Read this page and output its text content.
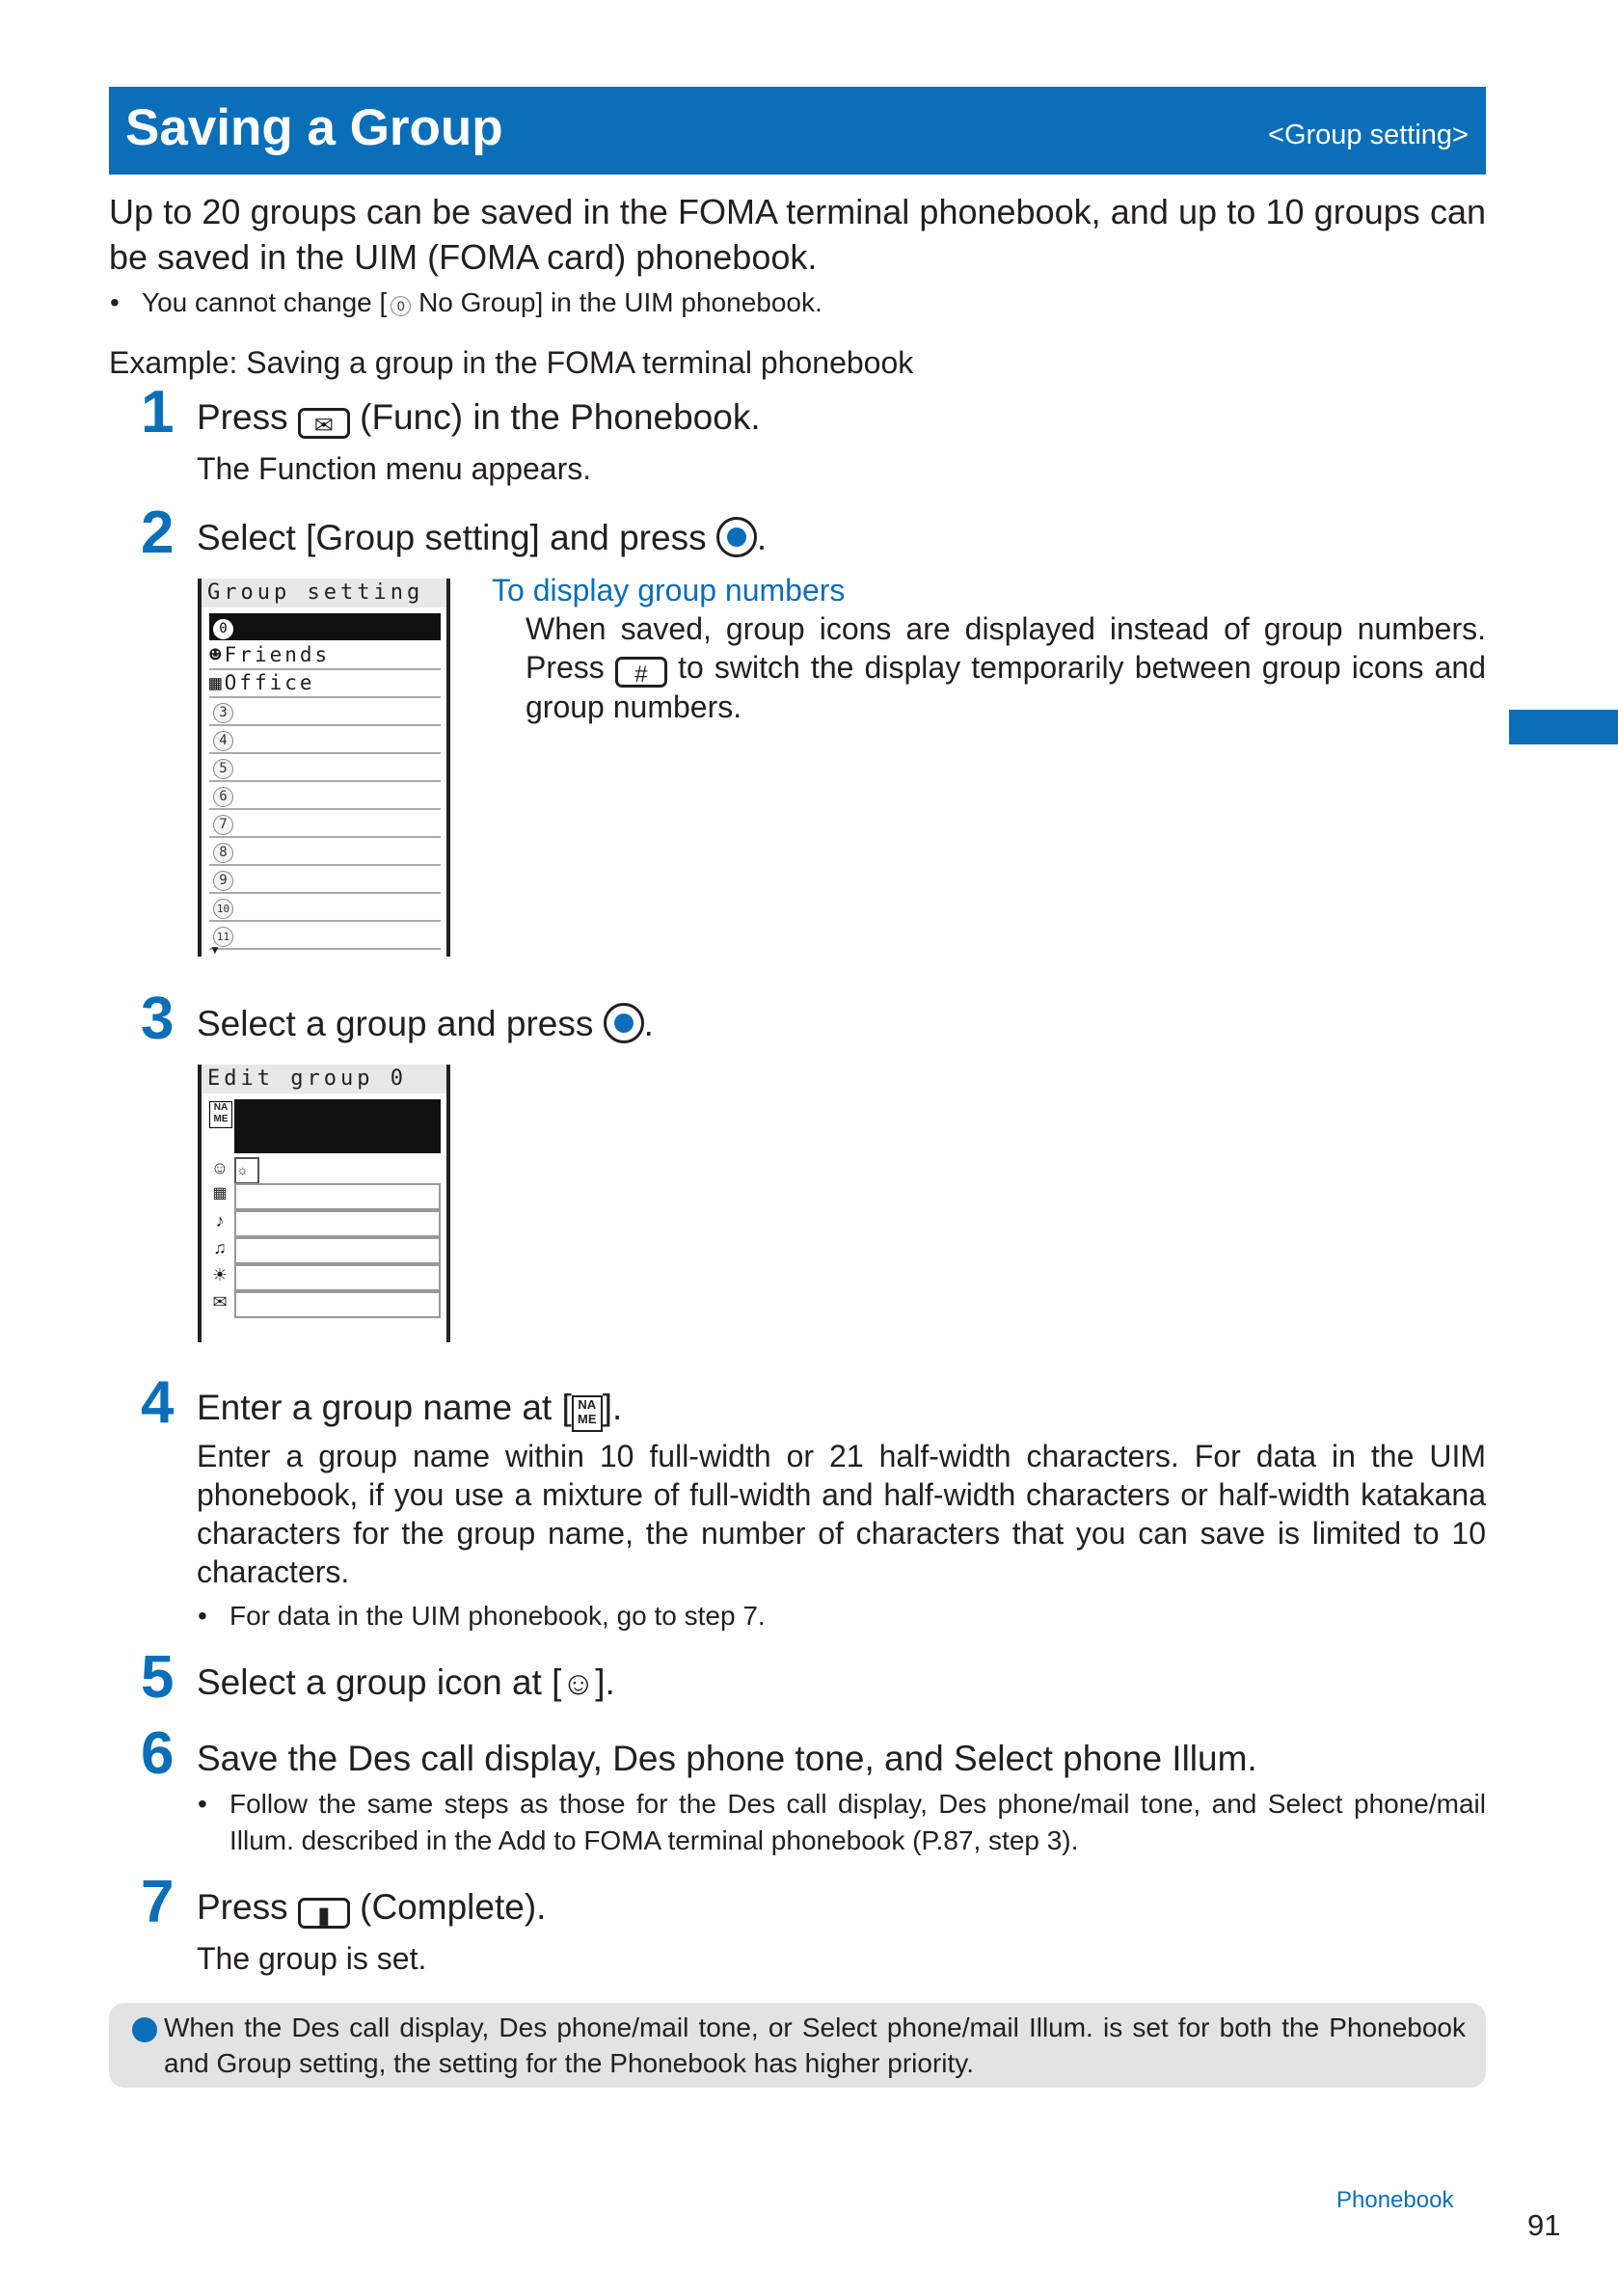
Saving a Group	<Group setting>
Up to 20 groups can be saved in the FOMA terminal phonebook, and up to 10 groups can be saved in the UIM (FOMA card) phonebook.
• You cannot change [ 0 No Group] in the UIM phonebook.
Example: Saving a group in the FOMA terminal phonebook
1 Press ✉ (Func) in the Phonebook.
The Function menu appears.
2 Select [Group setting] and press .
Group setting
0
☻Friends
▦Office
3
4
5
6
7
8
9
10
11
▼
To display group numbers
When saved, group icons are displayed instead of group numbers. Press # to switch the display temporarily between group icons and group numbers.
3 Select a group and press .
Edit group 0
NA ME
☺ ☼
▦
♪
♫
☀
✉
4 Enter a group name at [ NA ME ].
Enter a group name within 10 full-width or 21 half-width characters. For data in the UIM phonebook, if you use a mixture of full-width and half-width characters or half-width katakana characters for the group name, the number of characters that you can save is limited to 10 characters.
• For data in the UIM phonebook, go to step 7.
5 Select a group icon at [☺].
6 Save the Des call display, Des phone tone, and Select phone Illum.
• Follow the same steps as those for the Des call display, Des phone/mail tone, and Select phone/mail Illum. described in the Add to FOMA terminal phonebook (P.87, step 3).
7 Press ▮ (Complete).
The group is set.
When the Des call display, Des phone/mail tone, or Select phone/mail Illum. is set for both the Phonebook and Group setting, the setting for the Phonebook has higher priority.
Phonebook
91
